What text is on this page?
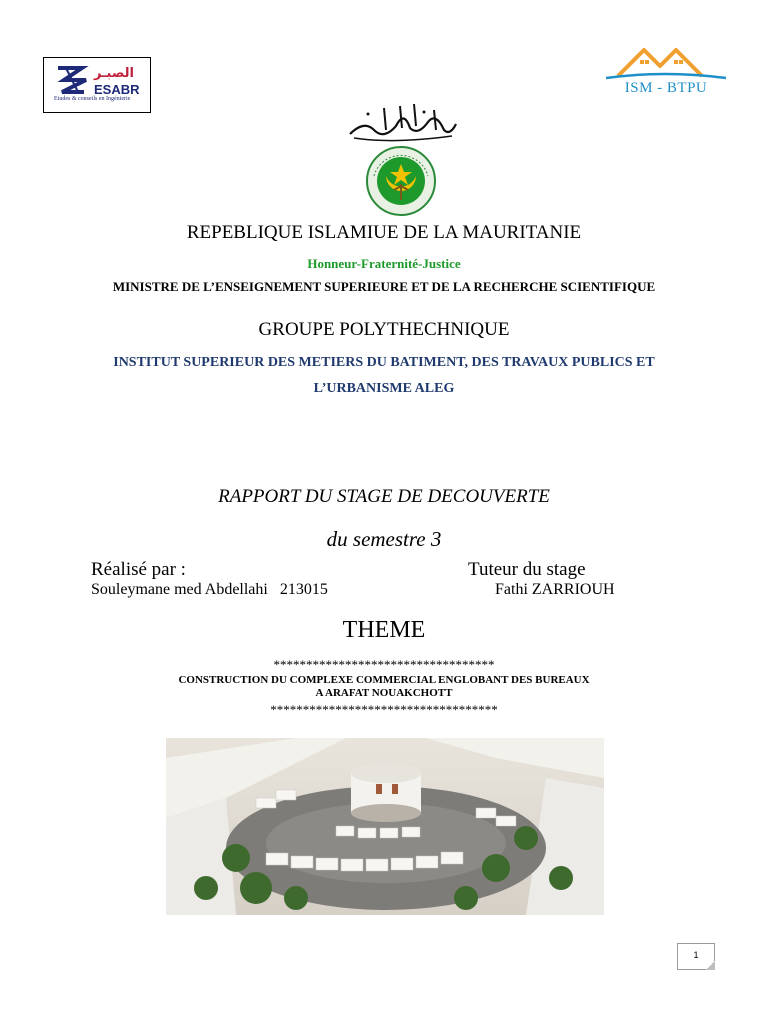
الصبـر
ESABR
Etudes & conseils en Ingénierie
ISM - BTPU
REPEBLIQUE ISLAMIUE DE LA MAURITANIE
Honneur-Fraternité-Justice
MINISTRE DE L’ENSEIGNEMENT SUPERIEURE ET DE LA RECHERCHE SCIENTIFIQUE
GROUPE POLYTHECHNIQUE
INSTITUT SUPERIEUR DES METIERS DU BATIMENT, DES TRAVAUX PUBLICS ET
L’URBANISME ALEG
RAPPORT DU STAGE DE DECOUVERTE
du semestre 3
Réalisé par :	Tuteur du stage
Souleymane med Abdellahi   213015	Fathi ZARRIOUH
THEME
**********************************
CONSTRUCTION DU COMPLEXE COMMERCIAL ENGLOBANT DES BUREAUX
A ARAFAT NOUAKCHOTT
***********************************
1
